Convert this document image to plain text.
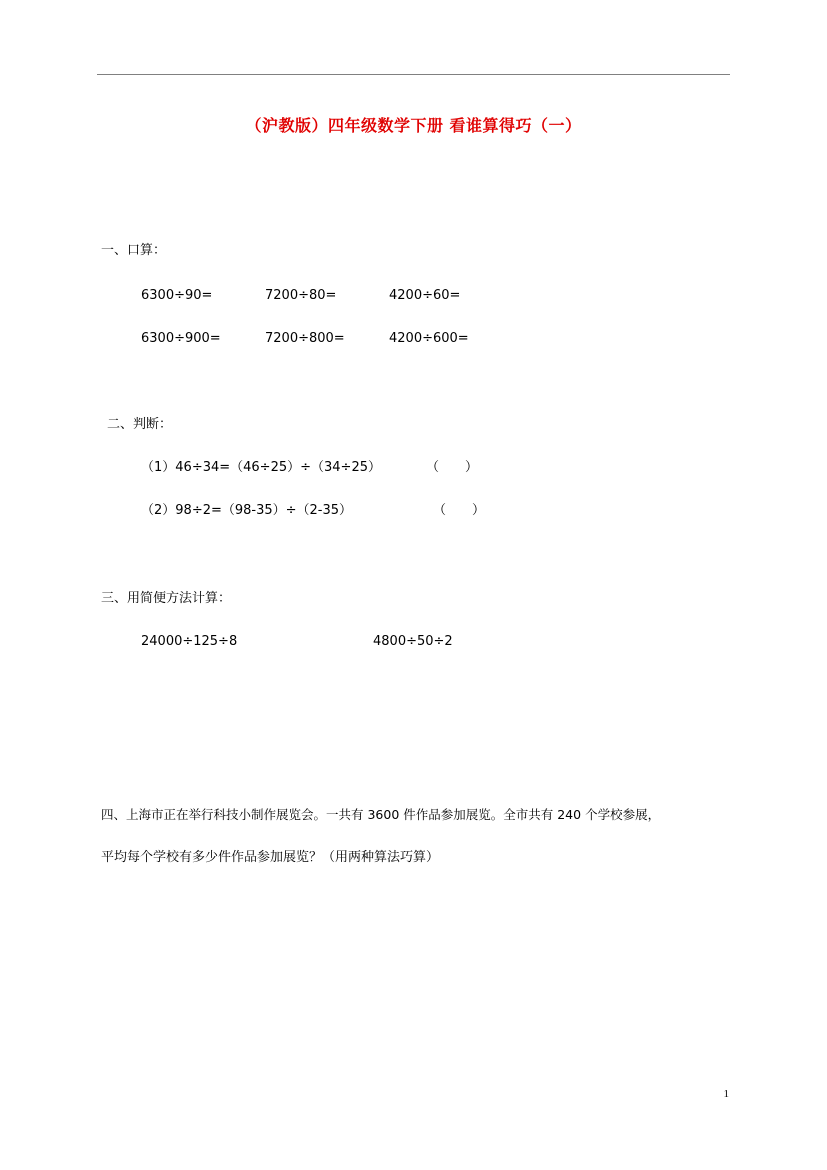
（沪教版）四年级数学下册 看谁算得巧（一）
一、口算：
6300÷90=	7200÷80=	4200÷60=
6300÷900=	7200÷800=	4200÷600=
二、判断：
（1）46÷34=（46÷25）÷（34÷25）	（　　）
（2）98÷2=（98-35）÷（2-35）	（　　）
三、用简便方法计算：
24000÷125÷8	4800÷50÷2
四、上海市正在举行科技小制作展览会。一共有 3600 件作品参加展览。全市共有 240 个学校参展，
平均每个学校有多少件作品参加展览？（用两种算法巧算）
1
